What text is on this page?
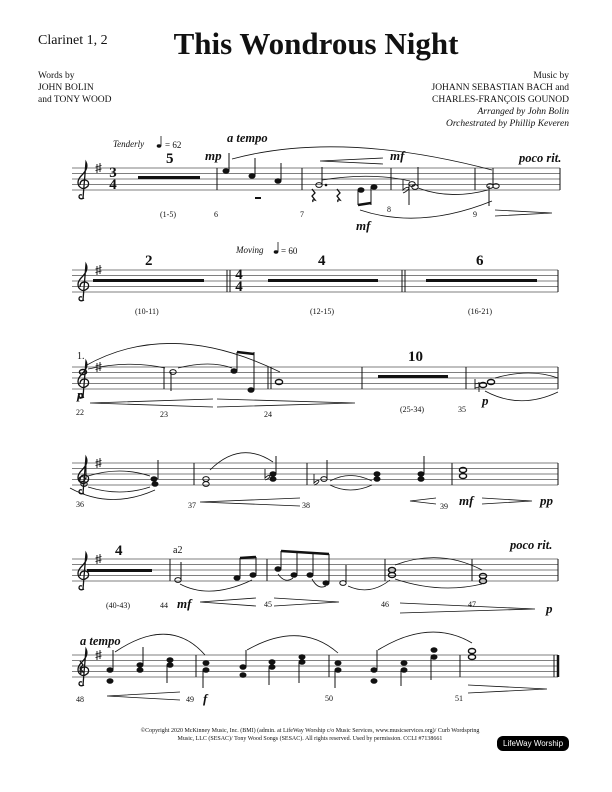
Clarinet 1, 2	This Wondrous Night
Words by
JOHN BOLIN
and TONY WOOD
Music by
JOHANN SEBASTIAN BACH and
CHARLES-FRANÇOIS GOUNOD
Arranged by John Bolin
Orchestrated by Phillip Keveren
Tenderly = 62	a tempo
5
(1-5)	6	7
8
9
mp	mf
mf
poco rit.
Moving = 60
2	4	6
(10-11)	(12-15)	(16-21)
1.	10
(25-34)
22	23	24
35
p	p
36	37	38	39 mf	pp
4
(40-43)
a2
44	45	46	47
mf	p
poco rit.
a tempo
48	49	50	51
f
3
4
4
4
©Copyright 2020 McKinney Music, Inc. (BMI) (admin. at LifeWay Worship c/o Music Services, www.musicservices.org)/ Curb Wordspring Music, LLC (SESAC)/ Tony Wood Songs (SESAC). All rights reserved. Used by permission. CCLI #7138661	LifeWay Worship
